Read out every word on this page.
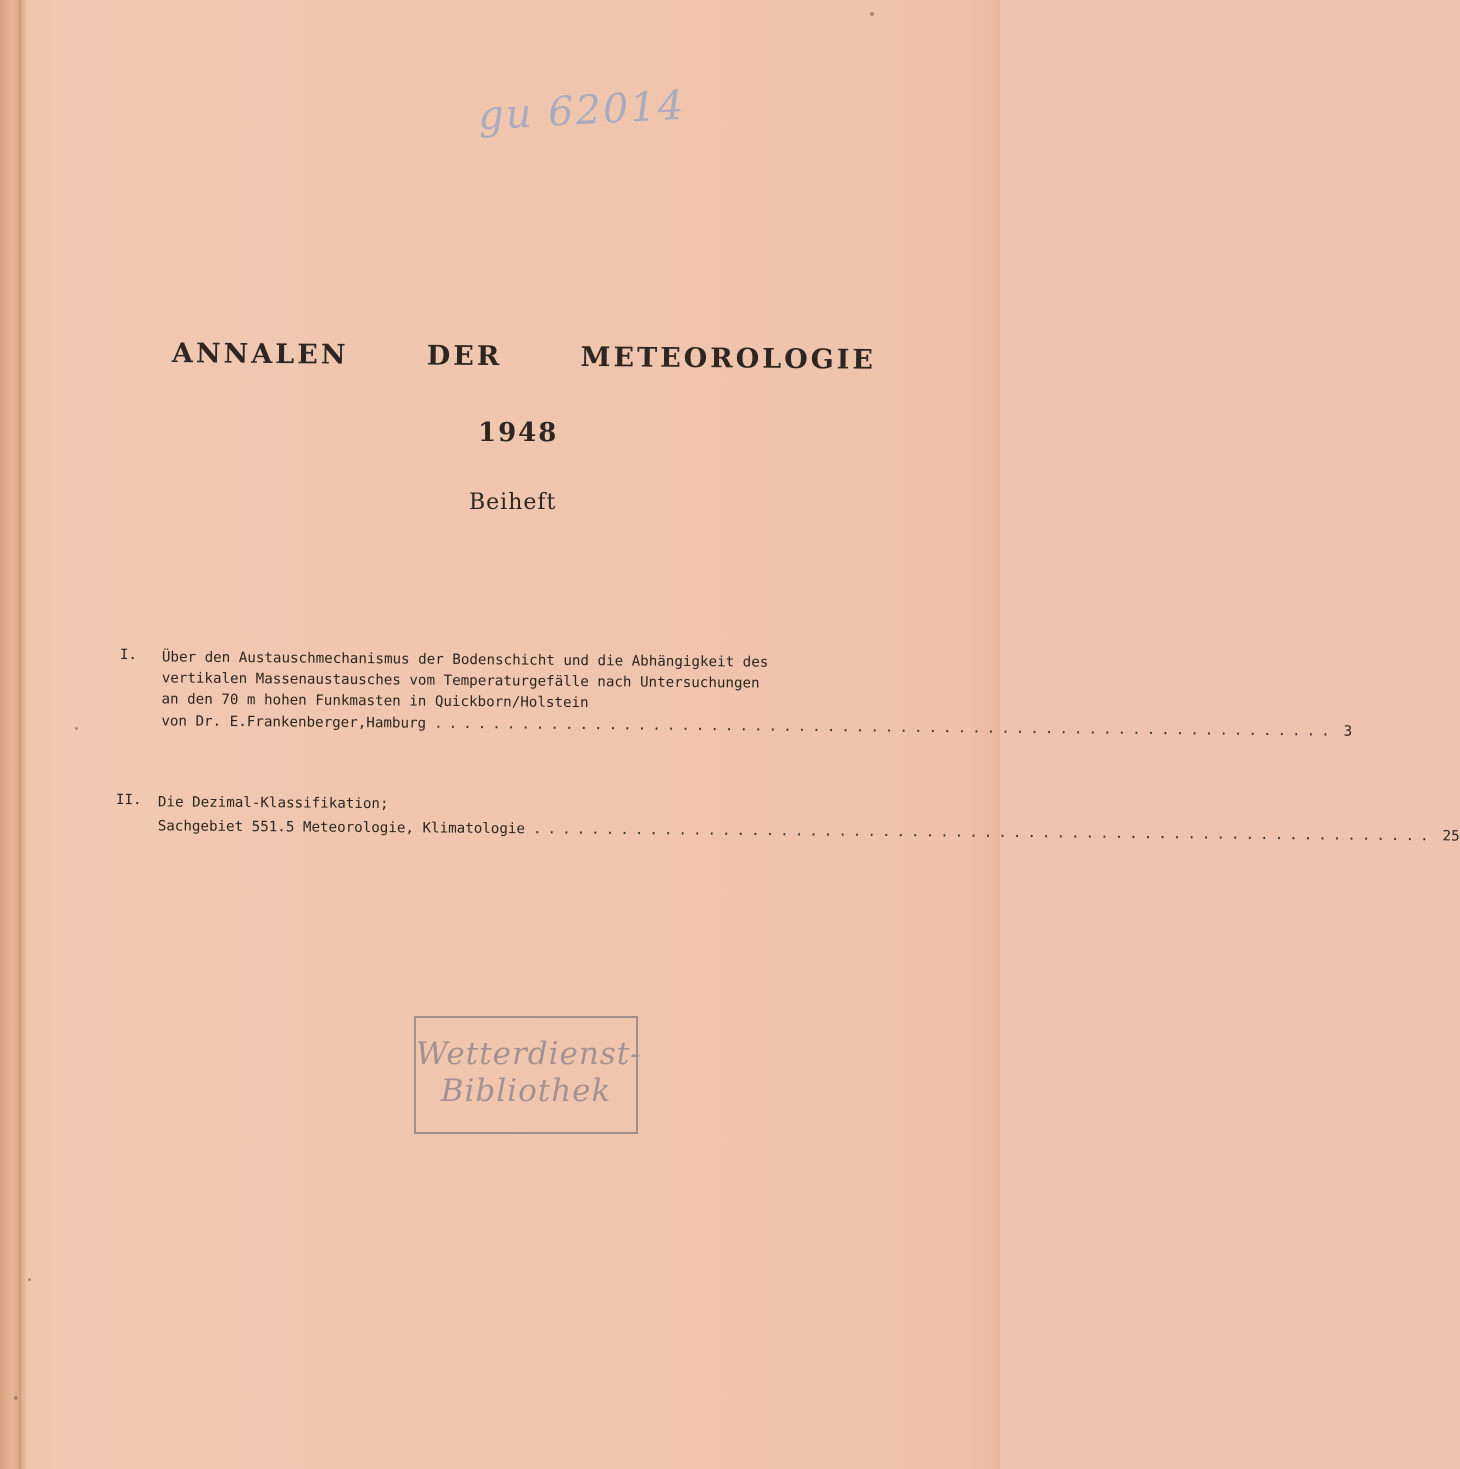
gu 62014
ANNALEN	DER	METEOROLOGIE
1948
Beiheft
I. Über den Austauschmechanismus der Bodenschicht und die Abhängigkeit des
vertikalen Massenaustausches vom Temperaturgefälle nach Untersuchungen
an den 70 m hohen Funkmasten in Quickborn/Holstein
von Dr. E.Frankenberger,Hamburg .............................................................. 3
II. Die Dezimal-Klassifikation;
Sachgebiet 551.5 Meteorologie, Klimatologie .............................................................. 25
Wetterdienst-
Bibliothek
